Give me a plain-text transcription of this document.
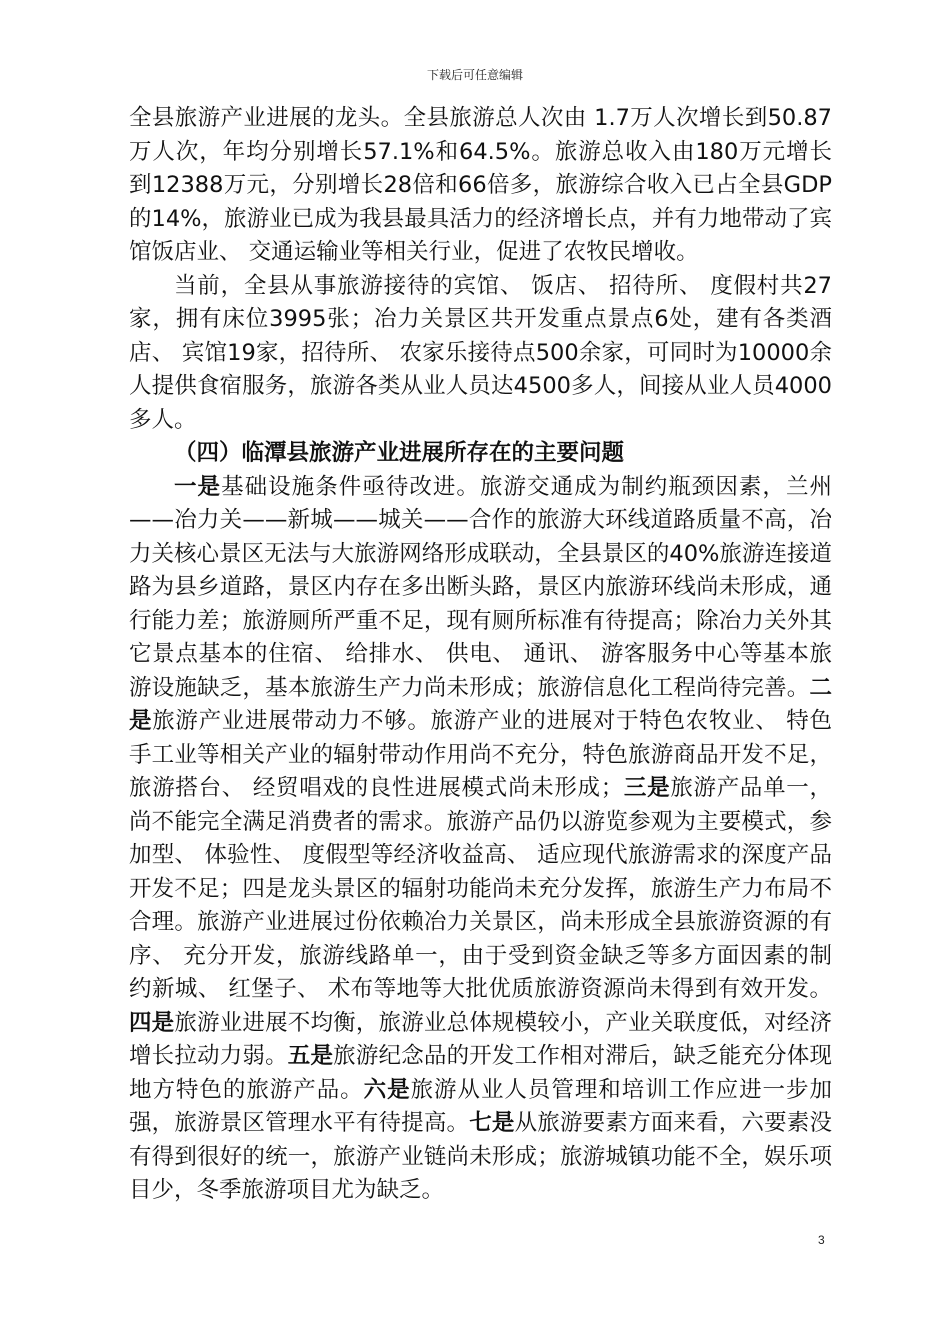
下载后可任意编辑

全县旅游产业进展的龙头。全县旅游总人次由 1.7万人次增长到50.87万人次，年均分别增长57.1%和64.5%。旅游总收入由180万元增长到12388万元，分别增长28倍和66倍多，旅游综合收入已占全县GDP的14%，旅游业已成为我县最具活力的经济增长点，并有力地带动了宾馆饭店业、 交通运输业等相关行业，促进了农牧民增收。

当前，全县从事旅游接待的宾馆、 饭店、 招待所、 度假村共27家，拥有床位3995张；冶力关景区共开发重点景点6处，建有各类酒店、 宾馆19家，招待所、 农家乐接待点500余家，可同时为10000余人提供食宿服务，旅游各类从业人员达4500多人，间接从业人员4000多人。

（四）临潭县旅游产业进展所存在的主要问题

一是基础设施条件亟待改进。旅游交通成为制约瓶颈因素，兰州——冶力关——新城——城关——合作的旅游大环线道路质量不高，冶力关核心景区无法与大旅游网络形成联动，全县景区的40%旅游连接道路为县乡道路，景区内存在多出断头路，景区内旅游环线尚未形成，通行能力差；旅游厕所严重不足，现有厕所标准有待提高；除冶力关外其它景点基本的住宿、 给排水、 供电、 通讯、 游客服务中心等基本旅游设施缺乏，基本旅游生产力尚未形成；旅游信息化工程尚待完善。二是旅游产业进展带动力不够。旅游产业的进展对于特色农牧业、 特色手工业等相关产业的辐射带动作用尚不充分，特色旅游商品开发不足，旅游搭台、 经贸唱戏的良性进展模式尚未形成；三是旅游产品单一，尚不能完全满足消费者的需求。旅游产品仍以游览参观为主要模式，参加型、 体验性、 度假型等经济收益高、 适应现代旅游需求的深度产品开发不足；四是龙头景区的辐射功能尚未充分发挥，旅游生产力布局不合理。旅游产业进展过份依赖冶力关景区，尚未形成全县旅游资源的有序、 充分开发，旅游线路单一，由于受到资金缺乏等多方面因素的制约新城、 红堡子、 术布等地等大批优质旅游资源尚未得到有效开发。四是旅游业进展不均衡，旅游业总体规模较小，产业关联度低，对经济增长拉动力弱。五是旅游纪念品的开发工作相对滞后，缺乏能充分体现地方特色的旅游产品。六是旅游从业人员管理和培训工作应进一步加强，旅游景区管理水平有待提高。七是从旅游要素方面来看，六要素没有得到很好的统一，旅游产业链尚未形成；旅游城镇功能不全，娱乐项目少，冬季旅游项目尤为缺乏。

3
